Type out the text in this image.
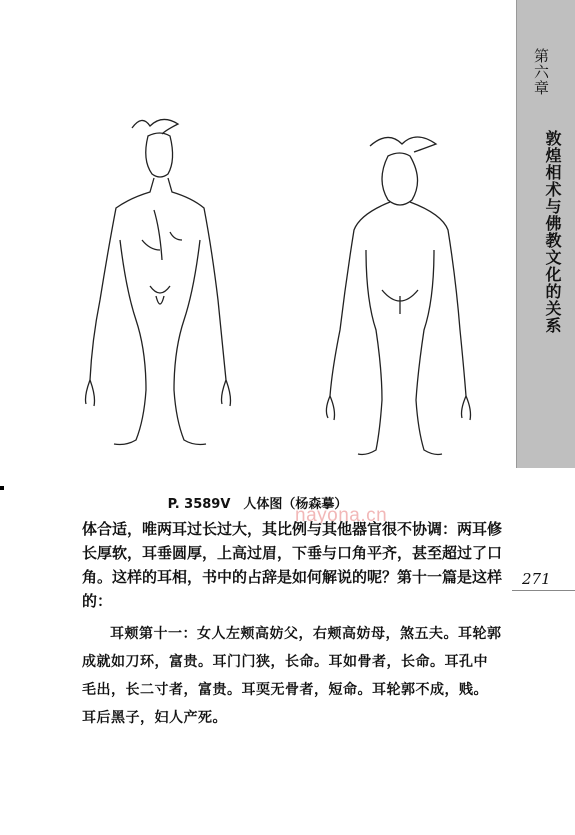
第六章
敦煌相术与佛教文化的关系
nayona.cn
P. 3589V　人体图（杨森摹）
体合适，唯两耳过长过大，其比例与其他器官很不协调：两耳修长厚软，耳垂圆厚，上高过眉，下垂与口角平齐，甚至超过了口角。这样的耳相，书中的占辞是如何解说的呢？第十一篇是这样的：
耳颊第十一：女人左颊高妨父，右颊高妨母，煞五夫。耳轮郭成就如刀环，富贵。耳门门狭，长命。耳如骨者，长命。耳孔中毛出，长二寸者，富贵。耳耎无骨者，短命。耳轮郭不成，贱。耳后黑子，妇人产死。
271
